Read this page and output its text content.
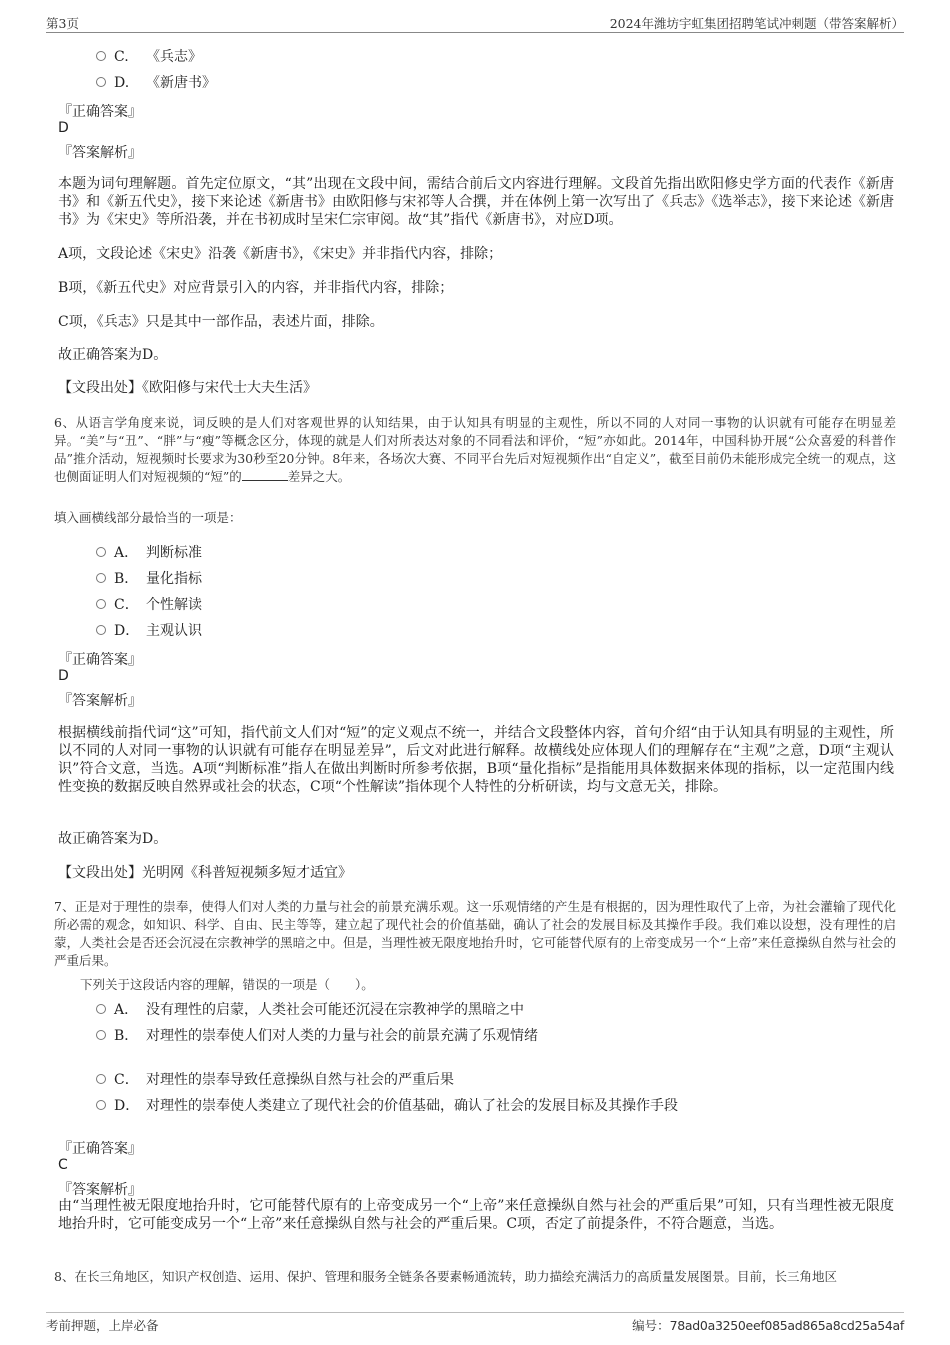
第3页	2024年潍坊宇虹集团招聘笔试冲刺题（带答案解析）
C. 《兵志》
D. 《新唐书》
『正确答案』
D
『答案解析』
本题为词句理解题。首先定位原文，“其”出现在文段中间，需结合前后文内容进行理解。文段首先指出欧阳修史学方面的代表作《新唐书》和《新五代史》，接下来论述《新唐书》由欧阳修与宋祁等人合撰，并在体例上第一次写出了《兵志》《选举志》，接下来论述《新唐书》为《宋史》等所沿袭，并在书初成时呈宋仁宗审阅。故“其”指代《新唐书》，对应D项。
A项，文段论述《宋史》沿袭《新唐书》，《宋史》并非指代内容，排除；
B项，《新五代史》对应背景引入的内容，并非指代内容，排除；
C项，《兵志》只是其中一部作品，表述片面，排除。
故正确答案为D。
【文段出处】《欧阳修与宋代士大夫生活》
6、从语言学角度来说，词反映的是人们对客观世界的认知结果，由于认知具有明显的主观性，所以不同的人对同一事物的认识就有可能存在明显差异。“美”与“丑”、“胖”与“瘦”等概念区分，体现的就是人们对所表达对象的不同看法和评价，“短”亦如此。2014年，中国科协开展“公众喜爱的科普作品”推介活动，短视频时长要求为30秒至20分钟。8年来，各场次大赛、不同平台先后对短视频作出“自定义”，截至目前仍未能形成完全统一的观点，这也侧面证明人们对短视频的“短”的	差异之大。
填入画横线部分最恰当的一项是：
A． 判断标准
B． 量化指标
C． 个性解读
D． 主观认识
『正确答案』
D
『答案解析』
根据横线前指代词“这”可知，指代前文人们对“短”的定义观点不统一，并结合文段整体内容，首句介绍“由于认知具有明显的主观性，所以不同的人对同一事物的认识就有可能存在明显差异”，后文对此进行解释。故横线处应体现人们的理解存在“主观”之意，D项“主观认识”符合文意，当选。A项“判断标准”指人在做出判断时所参考依据，B项“量化指标”是指能用具体数据来体现的指标，以一定范围内线性变换的数据反映自然界或社会的状态，C项“个性解读”指体现个人特性的分析研读，均与文意无关，排除。
故正确答案为D。
【文段出处】光明网《科普短视频多短才适宜》
7、正是对于理性的崇奉，使得人们对人类的力量与社会的前景充满乐观。这一乐观情绪的产生是有根据的，因为理性取代了上帝，为社会灌输了现代化所必需的观念，如知识、科学、自由、民主等等，建立起了现代社会的价值基础，确认了社会的发展目标及其操作手段。我们难以设想，没有理性的启蒙，人类社会是否还会沉浸在宗教神学的黑暗之中。但是，当理性被无限度地抬升时，它可能替代原有的上帝变成另一个“上帝”来任意操纵自然与社会的严重后果。
下列关于这段话内容的理解，错误的一项是（　　）。
A． 没有理性的启蒙，人类社会可能还沉浸在宗教神学的黑暗之中
B． 对理性的崇奉使人们对人类的力量与社会的前景充满了乐观情绪
C． 对理性的崇奉导致任意操纵自然与社会的严重后果
D． 对理性的崇奉使人类建立了现代社会的价值基础，确认了社会的发展目标及其操作手段
『正确答案』
C
『答案解析』
由“当理性被无限度地抬升时，它可能替代原有的上帝变成另一个“上帝”来任意操纵自然与社会的严重后果”可知，只有当理性被无限度地抬升时，它可能变成另一个“上帝”来任意操纵自然与社会的严重后果。C项，否定了前提条件，不符合题意，当选。
8、在长三角地区，知识产权创造、运用、保护、管理和服务全链条各要素畅通流转，助力描绘充满活力的高质量发展图景。目前，长三角地区
考前押题，上岸必备	编号：78ad0a3250eef085ad865a8cd25a54af
